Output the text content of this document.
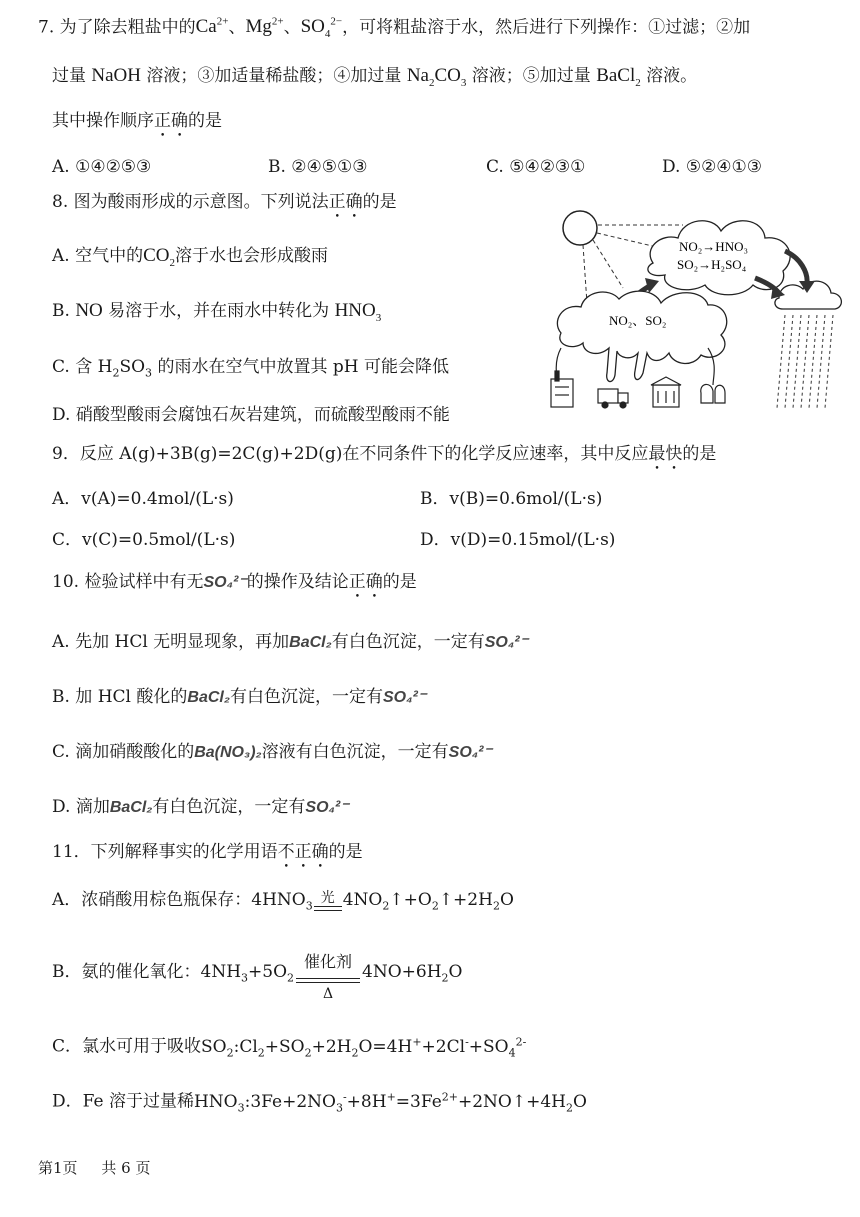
7. 为了除去粗盐中的$Ca^{2+}$、$Mg^{2+}$、$SO_4^{2-}$，可将粗盐溶于水，然后进行下列操作：①过滤；②加
过量 NaOH 溶液；③加适量稀盐酸；④加过量 $Na_2CO_3$ 溶液；⑤加过量 BaCl$_2$ 溶液。
其中操作顺序正确的是
A. ①④②⑤③	B. ②④⑤①③	C. ⑤④②③①	D. ⑤②④①③
8. 图为酸雨形成的示意图。下列说法正确的是
A. 空气中的$CO_2$溶于水也会形成酸雨
B. NO 易溶于水，并在雨水中转化为 $HNO_3$
C. 含 $H_2SO_3$ 的雨水在空气中放置其 pH 可能会降低
D. 硝酸型酸雨会腐蚀石灰岩建筑，而硫酸型酸雨不能
NO₂→HNO₃
SO₂→H₂SO₄
NO₂、SO₂
9．反应 A(g)+3B(g)=2C(g)+2D(g)在不同条件下的化学反应速率，其中反应最快的是
A．v(A)=0.4mol/(L·s)	B．v(B)=0.6mol/(L·s)
C．v(C)=0.5mol/(L·s)	D．v(D)=0.15mol/(L·s)
10. 检验试样中有无SO₄²⁻的操作及结论正确的是
A. 先加 HCl 无明显现象，再加BaCl₂有白色沉淀，一定有SO₄²⁻
B. 加 HCl 酸化的BaCl₂有白色沉淀，一定有SO₄²⁻
C. 滴加硝酸酸化的Ba(NO₃)₂溶液有白色沉淀，一定有SO₄²⁻
D. 滴加BaCl₂有白色沉淀，一定有SO₄²⁻
11．下列解释事实的化学用语不正确的是
A．浓硝酸用棕色瓶保存：$4HNO_3$ 光 $4NO_2↑+O_2↑+2H_2O$
B．氨的催化氧化：$4NH_3+5O_2$
催化剂
Δ
$4NO+6H_2O$
C．氯水可用于吸收$SO_2:Cl_2+SO_2+2H_2O=4H^++2Cl^-+SO_4^{2-}$
D．Fe 溶于过量稀$HNO_3:3Fe+2NO_3^-+8H^+=3Fe^{2+}+2NO↑+4H_2O$
第1页 共 6 页
